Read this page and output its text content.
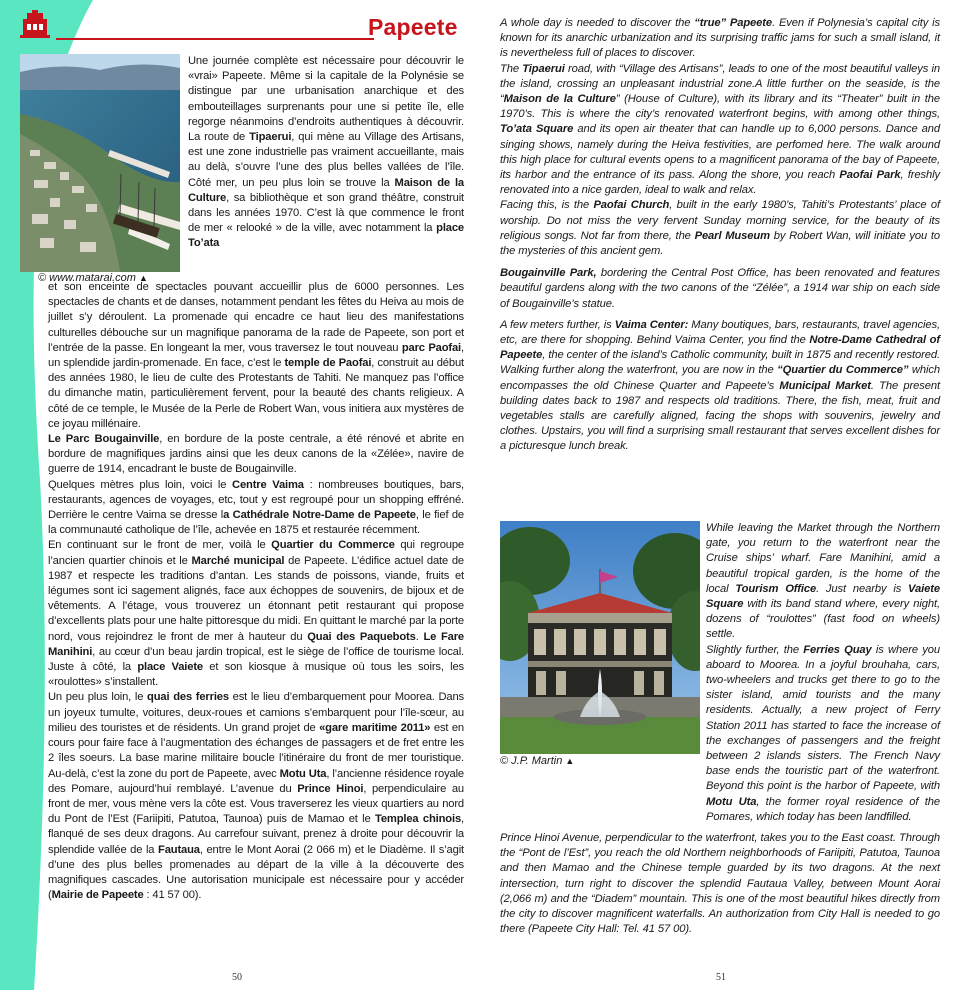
Papeete
© www.matarai.com ▲
© J.P. Martin ▲
Une journée complète est nécessaire pour découvrir le «vrai» Papeete. Même si la capitale de la Polynésie se distingue par une urbanisation anarchique et des embouteillages surprenants pour une si petite île, elle regorge néanmoins d’endroits authentiques à découvrir. La route de Tipaerui, qui mène au Village des Artisans, est une zone industrielle pas vraiment accueillante, mais au delà, s’ouvre l’une des plus belles vallées de l’île. Côté mer, un peu plus loin se trouve la Maison de la Culture, sa bibliothèque et son grand théâtre, construit dans les années 1970. C’est là que commence le front de mer « relooké » de la ville, avec notamment la place To’ata
et son enceinte de spectacles pouvant accueillir plus de 6000 personnes. Les spectacles de chants et de danses, notamment pendant les fêtes du Heiva au mois de juillet s’y déroulent. La promenade qui encadre ce haut lieu des manifestations culturelles débouche sur un magnifique panorama de la rade de Papeete, son port et l’entrée de la passe. En longeant la mer, vous traversez le tout nouveau parc Paofai, un splendide jardin-promenade. En face, c’est le temple de Paofai, construit au début des années 1980, le lieu de culte des Protestants de Tahiti. Ne manquez pas l’office du dimanche matin, particulièrement fervent, pour la beauté des chants religieux. A côté de ce temple, le Musée de la Perle de Robert Wan, vous initiera aux mystères de ce joyau millénaire.
Le Parc Bougainville, en bordure de la poste centrale, a été rénové et abrite en bordure de magnifiques jardins ainsi que les deux canons de la «Zélée», navire de guerre de 1914, encadrant le buste de Bougainville.
Quelques mètres plus loin, voici le Centre Vaima : nombreuses boutiques, bars, restaurants, agences de voyages, etc, tout y est regroupé pour un shopping effréné. Derrière le centre Vaima se dresse la Cathédrale Notre-Dame de Papeete, le fief de la communauté catholique de l’île, achevée en 1875 et restaurée récemment.
En continuant sur le front de mer, voilà le Quartier du Commerce qui regroupe l’ancien quartier chinois et le Marché municipal de Papeete. L’édifice actuel date de 1987 et respecte les traditions d’antan. Les stands de poissons, viande, fruits et légumes sont ici sagement alignés, face aux échoppes de souvenirs, de bijoux et de vêtements. A l’étage, vous trouverez un étonnant petit restaurant qui propose d’excellents plats pour une halte pittoresque du midi. En quittant le marché par la porte nord, vous rejoindrez le front de mer à hauteur du Quai des Paquebots. Le Fare Manihini, au cœur d’un beau jardin tropical, est le siège de l’office de tourisme local. Juste à côté, la place Vaiete et son kiosque à musique où tous les soirs, les «roulottes» s’installent.
Un peu plus loin, le quai des ferries est le lieu d’embarquement pour Moorea. Dans un joyeux tumulte, voitures, deux-roues et camions s’embarquent pour l’île-sœur, au milieu des touristes et de résidents. Un grand projet de «gare maritime 2011» est en cours pour faire face à l’augmentation des échanges de passagers et de fret entre les 2 îles soeurs. La base marine militaire boucle l’itinéraire du front de mer touristique. Au-delà, c’est la zone du port de Papeete, avec Motu Uta, l’ancienne résidence royale des Pomare, aujourd’hui remblayé. L’avenue du Prince Hinoi, perpendiculaire au front de mer, vous mène vers la côte est. Vous traverserez les vieux quartiers au nord du Pont de l’Est (Fariipiti, Patutoa, Taunoa) puis de Mamao et le Templea chinois, flanqué de ses deux dragons. Au carrefour suivant, prenez à droite pour découvrir la splendide vallée de la Fautaua, entre le Mont Aorai (2 066 m) et le Diadème. Il s’agit d’une des plus belles promenades au départ de la ville à la découverte des magnifiques cascades. Une autorisation municipale est nécessaire pour y accéder (Mairie de Papeete : 41 57 00).
A whole day is needed to discover the “true” Papeete. Even if Polynesia’s capital city is known for its anarchic urbanization and its surprising traffic jams for such a small island, it is nevertheless full of places to discover.
The Tipaerui road, with “Village des Artisans”, leads to one of the most beautiful valleys in the island, crossing an unpleasant industrial zone.A little further on the seaside, is the “Maison de la Culture” (House of Culture), with its library and its “Theater” built in the 1970’s. This is where the city’s renovated waterfront begins, with among other things, To’ata Square and its open air theater that can handle up to 6,000 persons. Dance and singing shows, namely during the Heiva festivities, are perfomed here. The walk around this high place for cultural events opens to a magnificent panorama of the bay of Papeete, its harbor and the entrance of its pass. Along the shore, you reach Paofai Park, freshly renovated into a nice garden, ideal to walk and relax.
Facing this, is the Paofai Church, built in the early 1980’s, Tahiti’s Protestants’ place of worship. Do not miss the very fervent Sunday morning service, for the beauty of its religious songs. Not far from there, the Pearl Museum by Robert Wan, will initiate you to the mysteries of this ancient gem.
Bougainville Park, bordering the Central Post Office, has been renovated and features beautiful gardens along with the two canons of the “Zélée”, a 1914 war ship on each side of Bougainville’s statue.
A few meters further, is Vaima Center: Many boutiques, bars, restaurants, travel agencies, etc, are there for shopping. Behind Vaima Center, you find the Notre-Dame Cathedral of Papeete, the center of the island’s Catholic community, built in 1875 and recently restored. Walking further along the waterfront, you are now in the “Quartier du Commerce” which encompasses the old Chinese Quarter and Papeete’s Municipal Market. The present building dates back to 1987 and respects old traditions. There, the fish, meat, fruit and vegetables stalls are carefully aligned, facing the shops with souvenirs, jewelry and clothes. Upstairs, you will find a surprising small restaurant that serves excellent dishes for a picturesque lunch break.
While leaving the Market through the Northern gate, you return to the waterfront near the Cruise ships’ wharf. Fare Manihini, amid a beautiful tropical garden, is the home of the local Tourism Office. Just nearby is Vaiete Square with its band stand where, every night, dozens of “roulottes” (fast food on wheels) settle.
Slightly further, the Ferries Quay is where you aboard to Moorea. In a joyful brouhaha, cars, two-wheelers and trucks get there to go to the sister island, amid tourists and the many residents. Actually, a new project of Ferry Station 2011 has started to face the increase of the exchanges of passengers and the freight between 2 islands sisters. The French Navy base ends the touristic part of the waterfront. Beyond this point is the harbor of Papeete, with Motu Uta, the former royal residence of the Pomares, which today has been landfilled.
Prince Hinoi Avenue, perpendicular to the waterfront, takes you to the East coast. Through the “Pont de l’Est”, you reach the old Northern neighborhoods of Fariipiti, Patutoa, Taunoa and then Mamao and the Chinese temple guarded by its two dragons. At the next intersection, turn right to discover the splendid Fautaua Valley, between Mount Aorai (2,066 m) and the “Diadem” mountain. This is one of the most beautiful hikes directly from the city to discover magnificent waterfalls. An authorization from City Hall is needed to go there (Papeete City Hall: Tel. 41 57 00).
50	51
